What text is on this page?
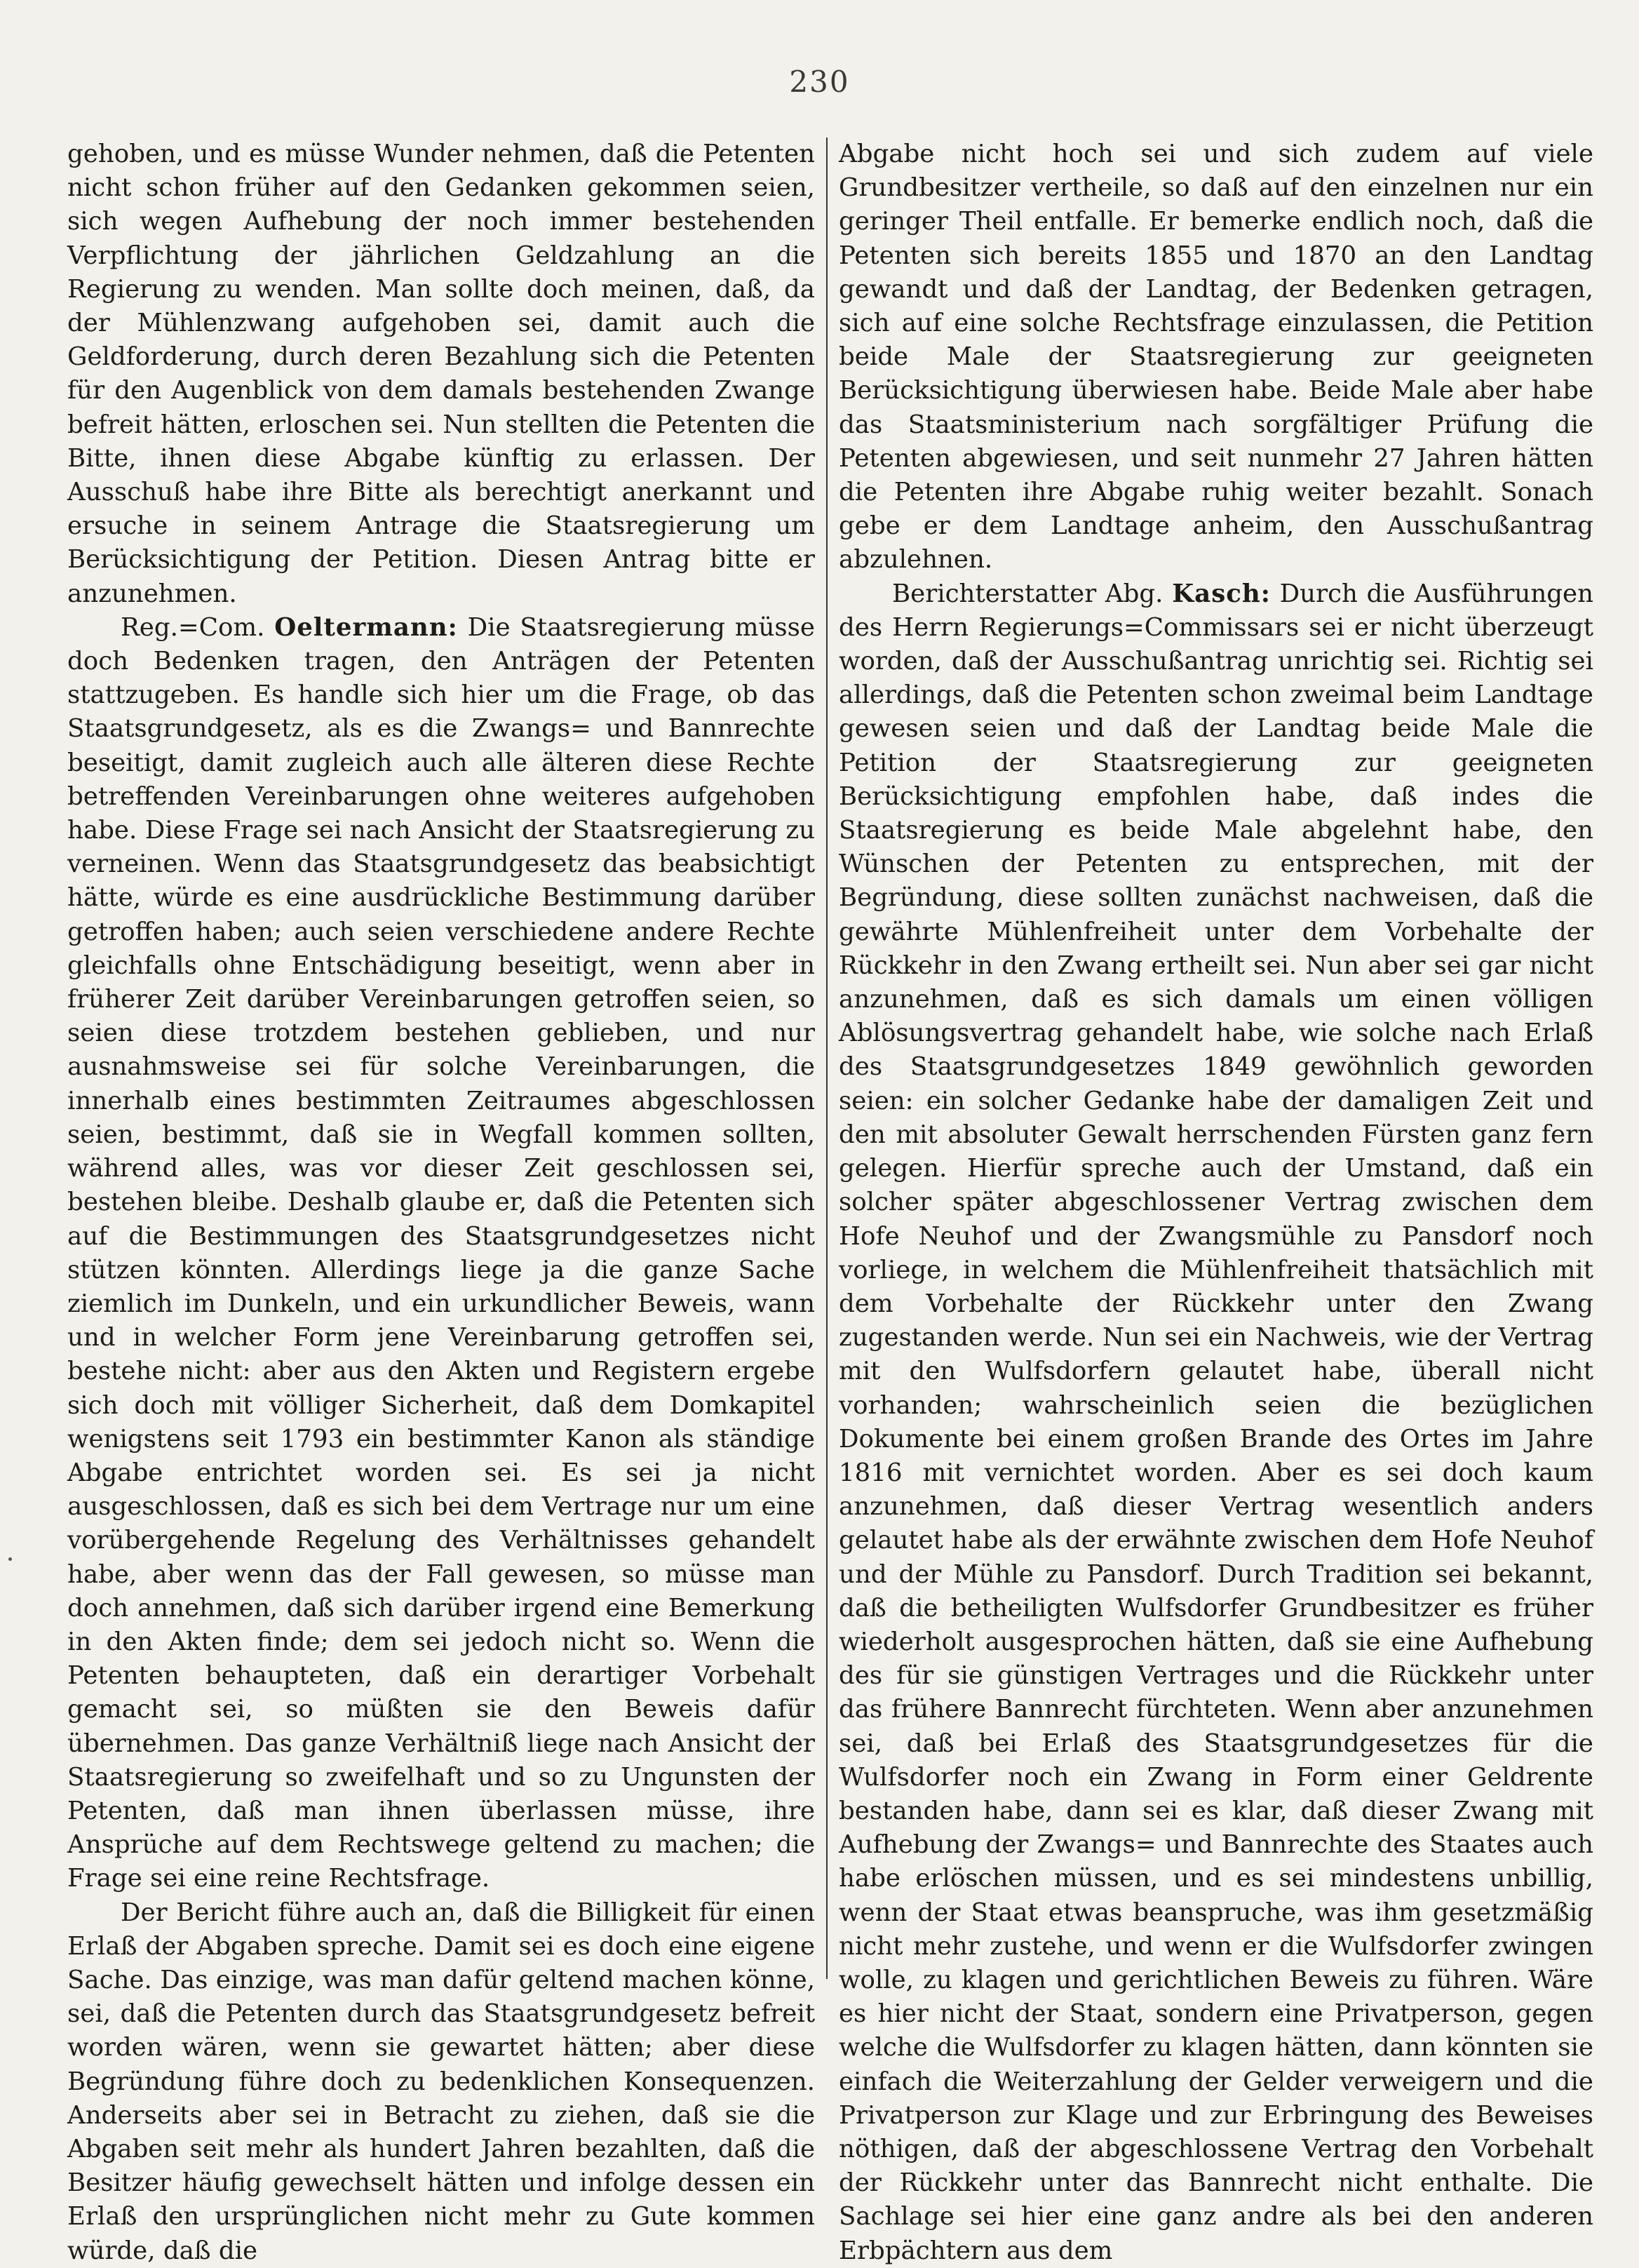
230

gehoben, und es müsse Wunder nehmen, daß die Petenten nicht schon früher auf den Gedanken gekommen seien, sich wegen Aufhebung der noch immer bestehenden Verpflichtung der jährlichen Geldzahlung an die Regierung zu wenden. Man sollte doch meinen, daß, da der Mühlenzwang aufgehoben sei, damit auch die Geldforderung, durch deren Bezahlung sich die Petenten für den Augenblick von dem damals bestehenden Zwange befreit hätten, erloschen sei. Nun stellten die Petenten die Bitte, ihnen diese Abgabe künftig zu erlassen. Der Ausschuß habe ihre Bitte als berechtigt anerkannt und ersuche in seinem Antrage die Staatsregierung um Berücksichtigung der Petition. Diesen Antrag bitte er anzunehmen.

Reg.=Com. Oeltermann: Die Staatsregierung müsse doch Bedenken tragen, den Anträgen der Petenten stattzugeben. Es handle sich hier um die Frage, ob das Staatsgrundgesetz, als es die Zwangs= und Bannrechte beseitigt, damit zugleich auch alle älteren diese Rechte betreffenden Vereinbarungen ohne weiteres aufgehoben habe. Diese Frage sei nach Ansicht der Staatsregierung zu verneinen. Wenn das Staatsgrundgesetz das beabsichtigt hätte, würde es eine ausdrückliche Bestimmung darüber getroffen haben; auch seien verschiedene andere Rechte gleichfalls ohne Entschädigung beseitigt, wenn aber in früherer Zeit darüber Vereinbarungen getroffen seien, so seien diese trotzdem bestehen geblieben, und nur ausnahmsweise sei für solche Vereinbarungen, die innerhalb eines bestimmten Zeitraumes abgeschlossen seien, bestimmt, daß sie in Wegfall kommen sollten, während alles, was vor dieser Zeit geschlossen sei, bestehen bleibe. Deshalb glaube er, daß die Petenten sich auf die Bestimmungen des Staatsgrundgesetzes nicht stützen könnten. Allerdings liege ja die ganze Sache ziemlich im Dunkeln, und ein urkundlicher Beweis, wann und in welcher Form jene Vereinbarung getroffen sei, bestehe nicht: aber aus den Akten und Registern ergebe sich doch mit völliger Sicherheit, daß dem Domkapitel wenigstens seit 1793 ein bestimmter Kanon als ständige Abgabe entrichtet worden sei. Es sei ja nicht ausgeschlossen, daß es sich bei dem Vertrage nur um eine vorübergehende Regelung des Verhältnisses gehandelt habe, aber wenn das der Fall gewesen, so müsse man doch annehmen, daß sich darüber irgend eine Bemerkung in den Akten finde; dem sei jedoch nicht so. Wenn die Petenten behaupteten, daß ein derartiger Vorbehalt gemacht sei, so müßten sie den Beweis dafür übernehmen. Das ganze Verhältniß liege nach Ansicht der Staatsregierung so zweifelhaft und so zu Ungunsten der Petenten, daß man ihnen überlassen müsse, ihre Ansprüche auf dem Rechtswege geltend zu machen; die Frage sei eine reine Rechtsfrage.

Der Bericht führe auch an, daß die Billigkeit für einen Erlaß der Abgaben spreche. Damit sei es doch eine eigene Sache. Das einzige, was man dafür geltend machen könne, sei, daß die Petenten durch das Staatsgrundgesetz befreit worden wären, wenn sie gewartet hätten; aber diese Begründung führe doch zu bedenklichen Konsequenzen. Anderseits aber sei in Betracht zu ziehen, daß sie die Abgaben seit mehr als hundert Jahren bezahlten, daß die Besitzer häufig gewechselt hätten und infolge dessen ein Erlaß den ursprünglichen nicht mehr zu Gute kommen würde, daß die

Abgabe nicht hoch sei und sich zudem auf viele Grundbesitzer vertheile, so daß auf den einzelnen nur ein geringer Theil entfalle. Er bemerke endlich noch, daß die Petenten sich bereits 1855 und 1870 an den Landtag gewandt und daß der Landtag, der Bedenken getragen, sich auf eine solche Rechtsfrage einzulassen, die Petition beide Male der Staatsregierung zur geeigneten Berücksichtigung überwiesen habe. Beide Male aber habe das Staatsministerium nach sorgfältiger Prüfung die Petenten abgewiesen, und seit nunmehr 27 Jahren hätten die Petenten ihre Abgabe ruhig weiter bezahlt. Sonach gebe er dem Landtage anheim, den Ausschußantrag abzulehnen.

Berichterstatter Abg. Kasch: Durch die Ausführungen des Herrn Regierungs=Commissars sei er nicht überzeugt worden, daß der Ausschußantrag unrichtig sei. Richtig sei allerdings, daß die Petenten schon zweimal beim Landtage gewesen seien und daß der Landtag beide Male die Petition der Staatsregierung zur geeigneten Berücksichtigung empfohlen habe, daß indes die Staatsregierung es beide Male abgelehnt habe, den Wünschen der Petenten zu entsprechen, mit der Begründung, diese sollten zunächst nachweisen, daß die gewährte Mühlenfreiheit unter dem Vorbehalte der Rückkehr in den Zwang ertheilt sei. Nun aber sei gar nicht anzunehmen, daß es sich damals um einen völligen Ablösungsvertrag gehandelt habe, wie solche nach Erlaß des Staatsgrundgesetzes 1849 gewöhnlich geworden seien: ein solcher Gedanke habe der damaligen Zeit und den mit absoluter Gewalt herrschenden Fürsten ganz fern gelegen. Hierfür spreche auch der Umstand, daß ein solcher später abgeschlossener Vertrag zwischen dem Hofe Neuhof und der Zwangsmühle zu Pansdorf noch vorliege, in welchem die Mühlenfreiheit thatsächlich mit dem Vorbehalte der Rückkehr unter den Zwang zugestanden werde. Nun sei ein Nachweis, wie der Vertrag mit den Wulfsdorfern gelautet habe, überall nicht vorhanden; wahrscheinlich seien die bezüglichen Dokumente bei einem großen Brande des Ortes im Jahre 1816 mit vernichtet worden. Aber es sei doch kaum anzunehmen, daß dieser Vertrag wesentlich anders gelautet habe als der erwähnte zwischen dem Hofe Neuhof und der Mühle zu Pansdorf. Durch Tradition sei bekannt, daß die betheiligten Wulfsdorfer Grundbesitzer es früher wiederholt ausgesprochen hätten, daß sie eine Aufhebung des für sie günstigen Vertrages und die Rückkehr unter das frühere Bannrecht fürchteten. Wenn aber anzunehmen sei, daß bei Erlaß des Staatsgrundgesetzes für die Wulfsdorfer noch ein Zwang in Form einer Geldrente bestanden habe, dann sei es klar, daß dieser Zwang mit Aufhebung der Zwangs= und Bannrechte des Staates auch habe erlöschen müssen, und es sei mindestens unbillig, wenn der Staat etwas beanspruche, was ihm gesetzmäßig nicht mehr zustehe, und wenn er die Wulfsdorfer zwingen wolle, zu klagen und gerichtlichen Beweis zu führen. Wäre es hier nicht der Staat, sondern eine Privatperson, gegen welche die Wulfsdorfer zu klagen hätten, dann könnten sie einfach die Weiterzahlung der Gelder verweigern und die Privatperson zur Klage und zur Erbringung des Beweises nöthigen, daß der abgeschlossene Vertrag den Vorbehalt der Rückkehr unter das Bannrecht nicht enthalte. Die Sachlage sei hier eine ganz andre als bei den anderen Erbpächtern aus dem
